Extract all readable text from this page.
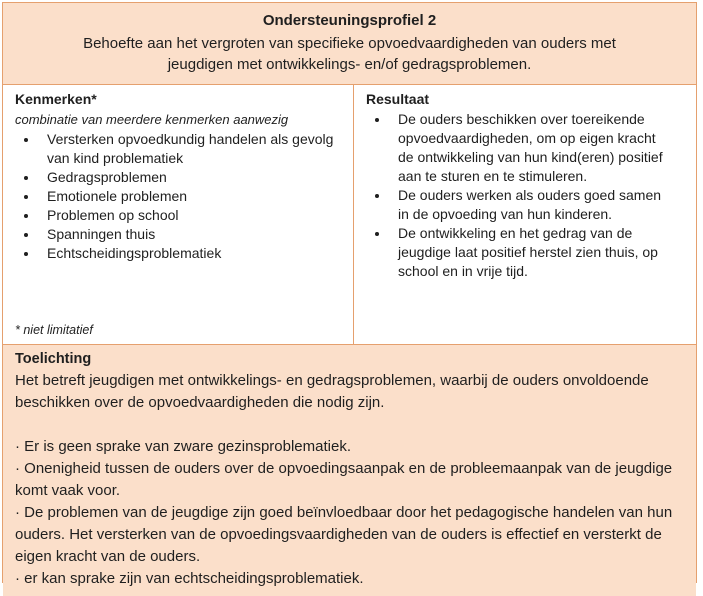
Ondersteuningsprofiel 2
Behoefte aan het vergroten van specifieke opvoedvaardigheden van ouders met jeugdigen met ontwikkelings- en/of gedragsproblemen.
Kenmerken*
combinatie van meerdere kenmerken aanwezig
• Versterken opvoedkundig handelen als gevolg van kind problematiek
• Gedragsproblemen
• Emotionele problemen
• Problemen op school
• Spanningen thuis
• Echtscheidingsproblematiek
* niet limitatief
Resultaat
• De ouders beschikken over toereikende opvoedvaardigheden, om op eigen kracht de ontwikkeling van hun kind(eren) positief aan te sturen en te stimuleren.
• De ouders werken als ouders goed samen in de opvoeding van hun kinderen.
• De ontwikkeling en het gedrag van de jeugdige laat positief herstel zien thuis, op school en in vrije tijd.
Toelichting
Het betreft jeugdigen met ontwikkelings- en gedragsproblemen, waarbij de ouders onvoldoende beschikken over de opvoedvaardigheden die nodig zijn.
· Er is geen sprake van zware gezinsproblematiek.
· Onenigheid tussen de ouders over de opvoedingsaanpak en de probleemaanpak van de jeugdige komt vaak voor.
· De problemen van de jeugdige zijn goed beïnvloedbaar door het pedagogische handelen van hun ouders. Het versterken van de opvoedingsvaardigheden van de ouders is effectief en versterkt de eigen kracht van de ouders.
· er kan sprake zijn van echtscheidingsproblematiek.
